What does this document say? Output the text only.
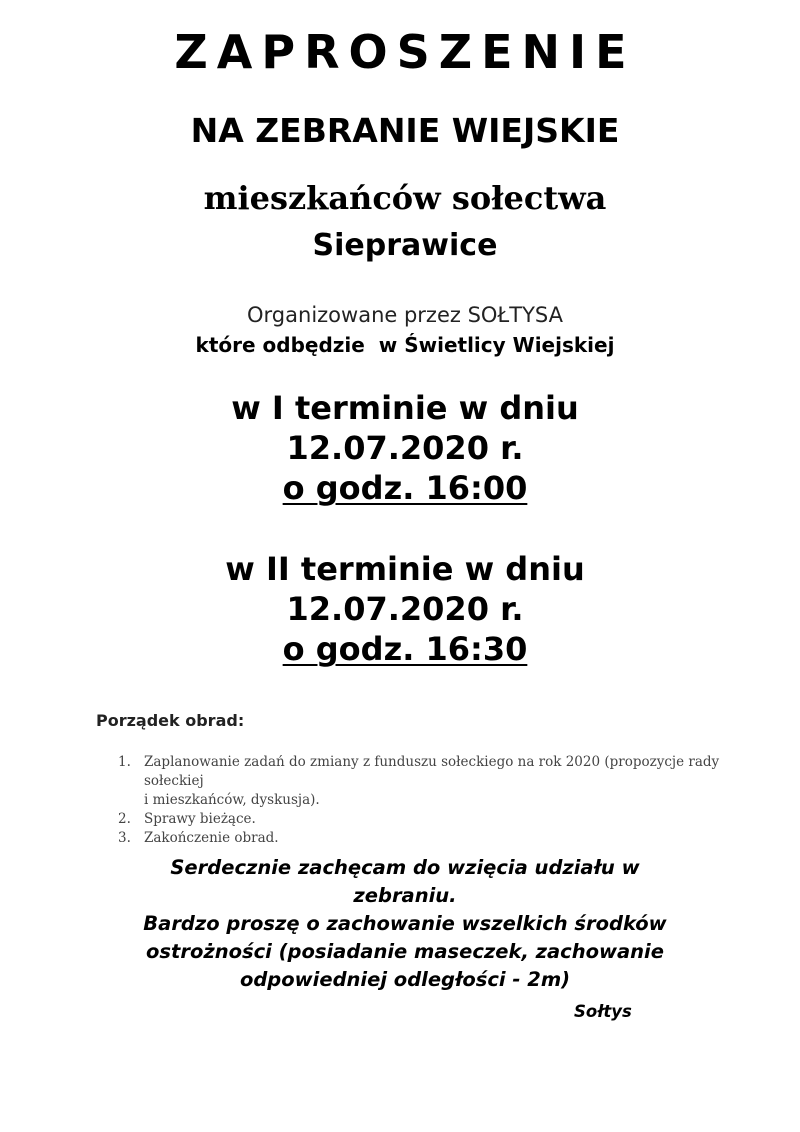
ZAPROSZENIE
NA ZEBRANIE WIEJSKIE
mieszkańców sołectwa
Sieprawice
Organizowane przez SOŁTYSA
które odbędzie  w Świetlicy Wiejskiej
w I terminie w dniu
12.07.2020 r.
o godz. 16:00
w II terminie w dniu
12.07.2020 r.
o godz. 16:30
Porządek obrad:
1. Zaplanowanie zadań do zmiany z funduszu sołeckiego na rok 2020 (propozycje rady sołeckiej
i mieszkańców, dyskusja).
2. Sprawy bieżące.
3. Zakończenie obrad.
Serdecznie zachęcam do wzięcia udziału w
zebraniu.
Bardzo proszę o zachowanie wszelkich środków
ostrożności (posiadanie maseczek, zachowanie
odpowiedniej odległości - 2m)
Sołtys
